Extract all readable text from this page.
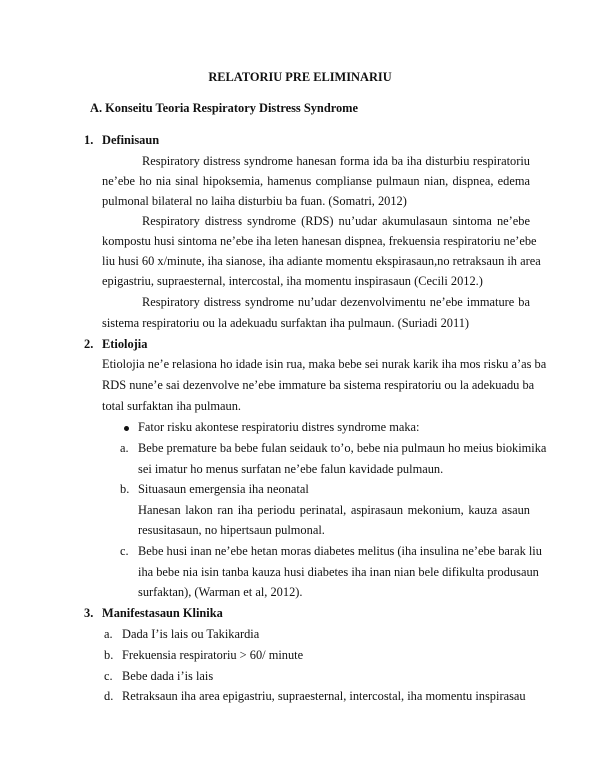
RELATORIU PRE ELIMINARIU
A. Konseitu Teoria Respiratory Distress Syndrome
1. Definisaun
Respiratory distress syndrome hanesan forma ida ba iha disturbiu respiratoriu
ne’ebe ho nia sinal hipoksemia, hamenus complianse pulmaun nian, dispnea, edema
pulmonal bilateral no laiha disturbiu ba fuan. (Somatri, 2012)
Respiratory distress syndrome (RDS) nu’udar akumulasaun sintoma ne’ebe
kompostu husi sintoma ne’ebe iha leten hanesan dispnea, frekuensia respiratoriu ne’ebe
liu husi 60 x/minute, iha sianose, iha adiante momentu ekspirasaun,no retraksaun ih area
epigastriu, supraesternal, intercostal, iha momentu inspirasaun (Cecili 2012.)
Respiratory distress syndrome nu’udar dezenvolvimentu ne’ebe immature ba
sistema respiratoriu ou la adekuadu surfaktan iha pulmaun. (Suriadi 2011)
2. Etiolojia
Etiolojia ne’e relasiona ho idade isin rua, maka bebe sei nurak karik iha mos risku a’as ba
RDS nune’e sai dezenvolve ne’ebe immature ba sistema respiratoriu ou la adekuadu ba
total surfaktan iha pulmaun.
Fator risku akontese respiratoriu distres syndrome maka:
a. Bebe premature ba bebe fulan seidauk to’o, bebe nia pulmaun ho meius biokimika
sei imatur ho menus surfatan ne’ebe falun kavidade pulmaun.
b. Situasaun emergensia iha neonatal
Hanesan lakon ran iha periodu perinatal, aspirasaun mekonium, kauza asaun
resusitasaun, no hipertsaun pulmonal.
c. Bebe husi inan ne’ebe hetan moras diabetes melitus (iha insulina ne’ebe barak liu
iha bebe nia isin tanba kauza husi diabetes iha inan nian bele difikulta produsaun
surfaktan), (Warman et al, 2012).
3. Manifestasaun Klinika
a. Dada I’is lais ou Takikardia
b. Frekuensia respiratoriu > 60/ minute
c. Bebe dada i’is lais
d. Retraksaun iha area epigastriu, supraesternal, intercostal, iha momentu inspirasau
